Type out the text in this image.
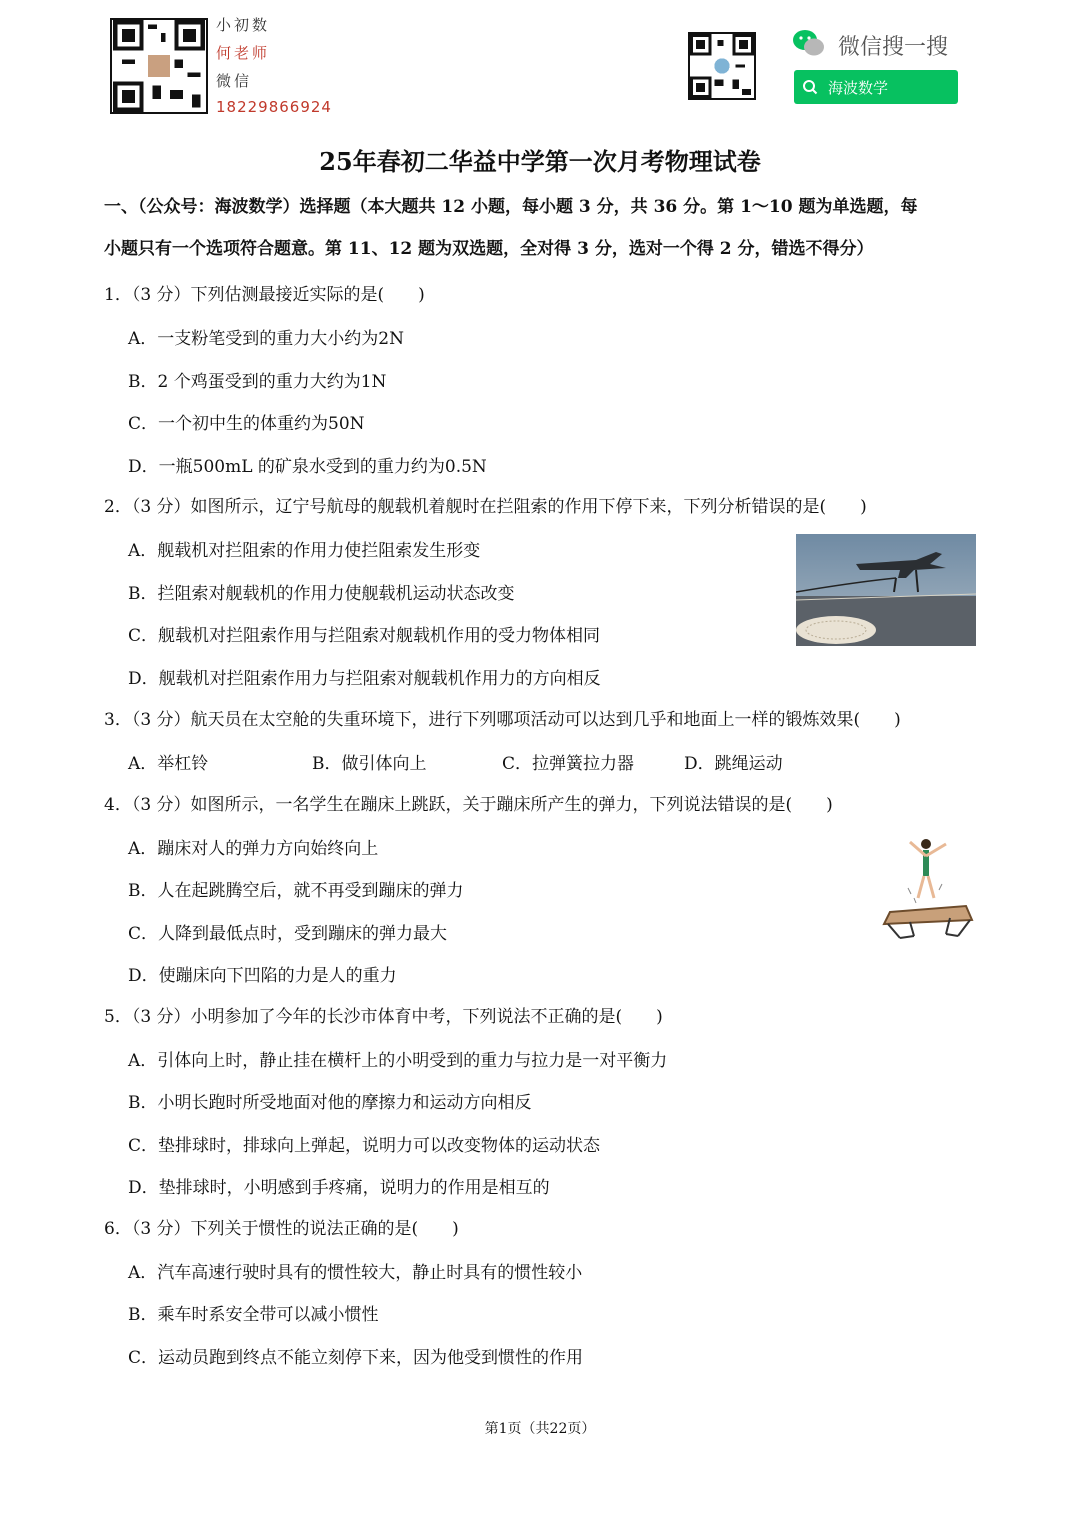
小初数
何老师
微信
18229866924
微信搜一搜
海波数学
25年春初二华益中学第一次月考物理试卷
一、（公众号：海波数学）选择题（本大题共 12 小题，每小题 3 分，共 36 分。第 1～10 题为单选题，每
小题只有一个选项符合题意。第 11、12 题为双选题，全对得 3 分，选对一个得 2 分，错选不得分）
1．（3 分）下列估测最接近实际的是(　　)
A．一支粉笔受到的重力大小约为2N
B．2 个鸡蛋受到的重力大约为1N
C．一个初中生的体重约为50N
D．一瓶500mL 的矿泉水受到的重力约为0.5N
2．（3 分）如图所示，辽宁号航母的舰载机着舰时在拦阻索的作用下停下来，下列分析错误的是(　　)
A．舰载机对拦阻索的作用力使拦阻索发生形变
B．拦阻索对舰载机的作用力使舰载机运动状态改变
C．舰载机对拦阻索作用与拦阻索对舰载机作用的受力物体相同
D．舰载机对拦阻索作用力与拦阻索对舰载机作用力的方向相反
3．（3 分）航天员在太空舱的失重环境下，进行下列哪项活动可以达到几乎和地面上一样的锻炼效果(　　)
A．举杠铃	B．做引体向上	C．拉弹簧拉力器	D．跳绳运动
4．（3 分）如图所示，一名学生在蹦床上跳跃，关于蹦床所产生的弹力，下列说法错误的是(　　)
A．蹦床对人的弹力方向始终向上
B．人在起跳腾空后，就不再受到蹦床的弹力
C．人降到最低点时，受到蹦床的弹力最大
D．使蹦床向下凹陷的力是人的重力
5．（3 分）小明参加了今年的长沙市体育中考，下列说法不正确的是(　　)
A．引体向上时，静止挂在横杆上的小明受到的重力与拉力是一对平衡力
B．小明长跑时所受地面对他的摩擦力和运动方向相反
C．垫排球时，排球向上弹起，说明力可以改变物体的运动状态
D．垫排球时，小明感到手疼痛，说明力的作用是相互的
6．（3 分）下列关于惯性的说法正确的是(　　)
A．汽车高速行驶时具有的惯性较大，静止时具有的惯性较小
B．乘车时系安全带可以减小惯性
C．运动员跑到终点不能立刻停下来，因为他受到惯性的作用
第1页（共22页）
